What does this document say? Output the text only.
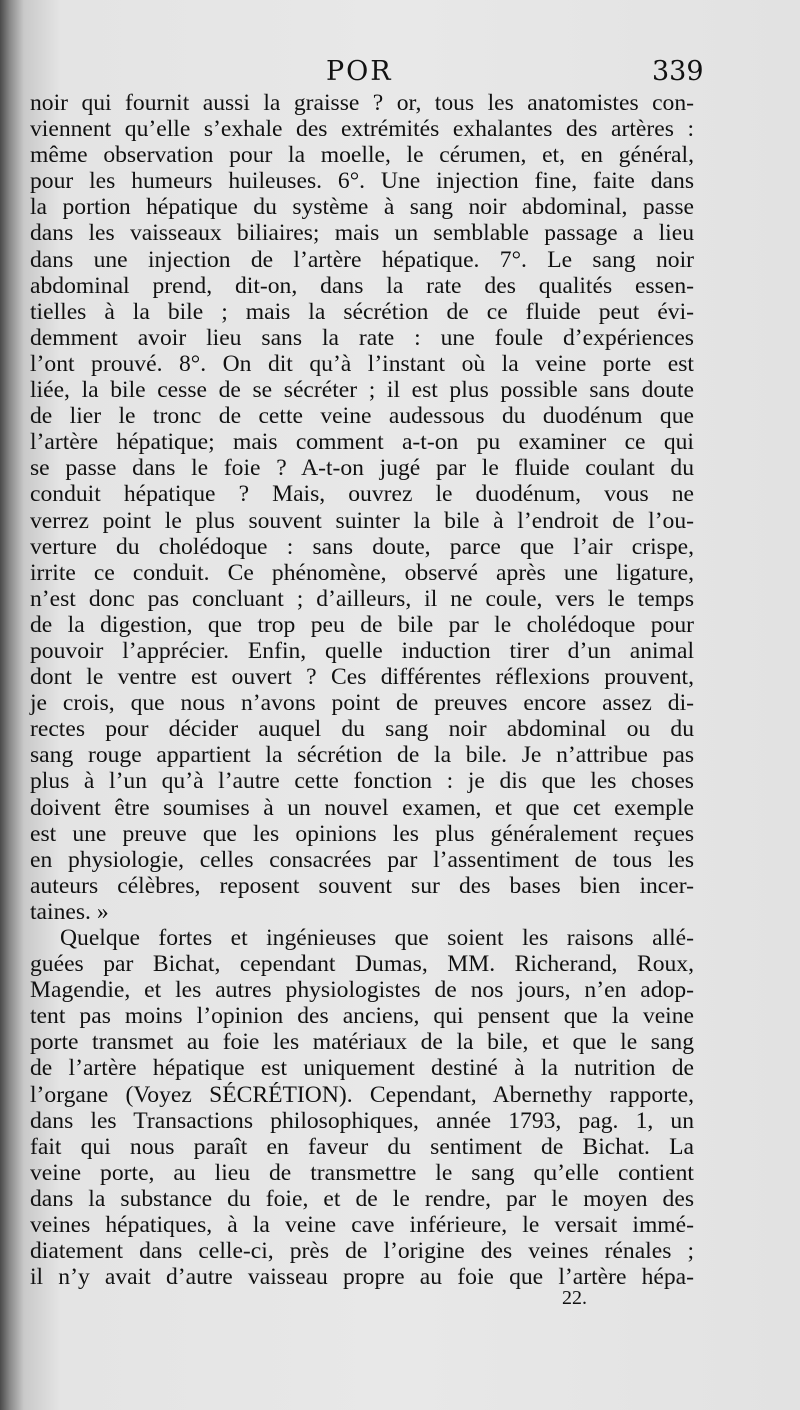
POR	339
noir qui fournit aussi la graisse ? or, tous les anatomistes con-
viennent qu’elle s’exhale des extrémités exhalantes des artères :
même observation pour la moelle, le cérumen, et, en général,
pour les humeurs huileuses. 6°. Une injection fine, faite dans
la portion hépatique du système à sang noir abdominal, passe
dans les vaisseaux biliaires; mais un semblable passage a lieu
dans une injection de l’artère hépatique. 7°. Le sang noir
abdominal prend, dit-on, dans la rate des qualités essen-
tielles à la bile ; mais la sécrétion de ce fluide peut évi-
demment avoir lieu sans la rate : une foule d’expériences
l’ont prouvé. 8°. On dit qu’à l’instant où la veine porte est
liée, la bile cesse de se sécréter ; il est plus possible sans doute
de lier le tronc de cette veine audessous du duodénum que
l’artère hépatique; mais comment a-t-on pu examiner ce qui
se passe dans le foie ? A-t-on jugé par le fluide coulant du
conduit hépatique ? Mais, ouvrez le duodénum, vous ne
verrez point le plus souvent suinter la bile à l’endroit de l’ou-
verture du cholédoque : sans doute, parce que l’air crispe,
irrite ce conduit. Ce phénomène, observé après une ligature,
n’est donc pas concluant ; d’ailleurs, il ne coule, vers le temps
de la digestion, que trop peu de bile par le cholédoque pour
pouvoir l’apprécier. Enfin, quelle induction tirer d’un animal
dont le ventre est ouvert ? Ces différentes réflexions prouvent,
je crois, que nous n’avons point de preuves encore assez di-
rectes pour décider auquel du sang noir abdominal ou du
sang rouge appartient la sécrétion de la bile. Je n’attribue pas
plus à l’un qu’à l’autre cette fonction : je dis que les choses
doivent être soumises à un nouvel examen, et que cet exemple
est une preuve que les opinions les plus généralement reçues
en physiologie, celles consacrées par l’assentiment de tous les
auteurs célèbres, reposent souvent sur des bases bien incer-
taines. »
Quelque fortes et ingénieuses que soient les raisons allé-
guées par Bichat, cependant Dumas, MM. Richerand, Roux,
Magendie, et les autres physiologistes de nos jours, n’en adop-
tent pas moins l’opinion des anciens, qui pensent que la veine
porte transmet au foie les matériaux de la bile, et que le sang
de l’artère hépatique est uniquement destiné à la nutrition de
l’organe (Voyez SÉCRÉTION). Cependant, Abernethy rapporte,
dans les Transactions philosophiques, année 1793, pag. 1, un
fait qui nous paraît en faveur du sentiment de Bichat. La
veine porte, au lieu de transmettre le sang qu’elle contient
dans la substance du foie, et de le rendre, par le moyen des
veines hépatiques, à la veine cave inférieure, le versait immé-
diatement dans celle-ci, près de l’origine des veines rénales ;
il n’y avait d’autre vaisseau propre au foie que l’artère hépa-
22.
